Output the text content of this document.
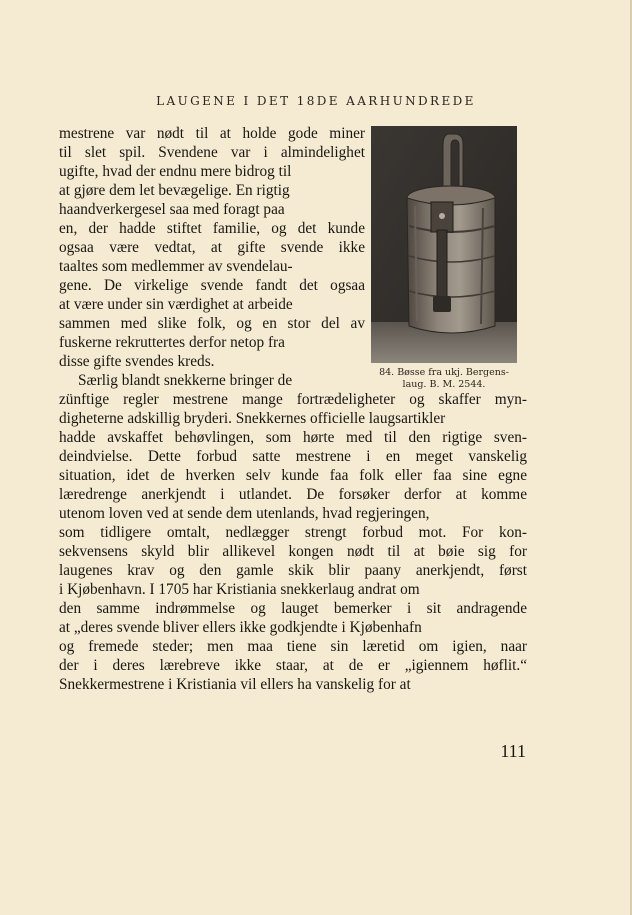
LAUGENE I DET 18DE AARHUNDREDE
84. Bøsse fra ukj. Bergens-
laug. B. M. 2544.
mestrene var nødt til at holde gode miner
til slet spil. Svendene var i almindelighet
ugifte, hvad der endnu mere bidrog til
at gjøre dem let bevægelige. En rigtig
haandverkergesel saa med foragt paa
en, der hadde stiftet familie, og det kunde
ogsaa være vedtat, at gifte svende ikke
taaltes som medlemmer av svendelau-
gene. De virkelige svende fandt det ogsaa
at være under sin værdighet at arbeide
sammen med slike folk, og en stor del av
fuskerne rekruttertes derfor netop fra
disse gifte svendes kreds.
Særlig blandt snekkerne bringer de
zünftige regler mestrene mange fortrædeligheter og skaffer myn-
digheterne adskillig bryderi. Snekkernes officielle laugsartikler
hadde avskaffet behøvlingen, som hørte med til den rigtige sven-
deindvielse. Dette forbud satte mestrene i en meget vanskelig
situation, idet de hverken selv kunde faa folk eller faa sine egne
læredrenge anerkjendt i utlandet. De forsøker derfor at komme
utenom loven ved at sende dem utenlands, hvad regjeringen,
som tidligere omtalt, nedlægger strengt forbud mot. For kon-
sekvensens skyld blir allikevel kongen nødt til at bøie sig for
laugenes krav og den gamle skik blir paany anerkjendt, først
i Kjøbenhavn. I 1705 har Kristiania snekkerlaug andrat om
den samme indrømmelse og lauget bemerker i sit andragende
at „deres svende bliver ellers ikke godkjendte i Kjøbenhafn
og fremede steder; men maa tiene sin læretid om igien, naar
der i deres lærebreve ikke staar, at de er „igiennem høflit.“
Snekkermestrene i Kristiania vil ellers ha vanskelig for at
111
